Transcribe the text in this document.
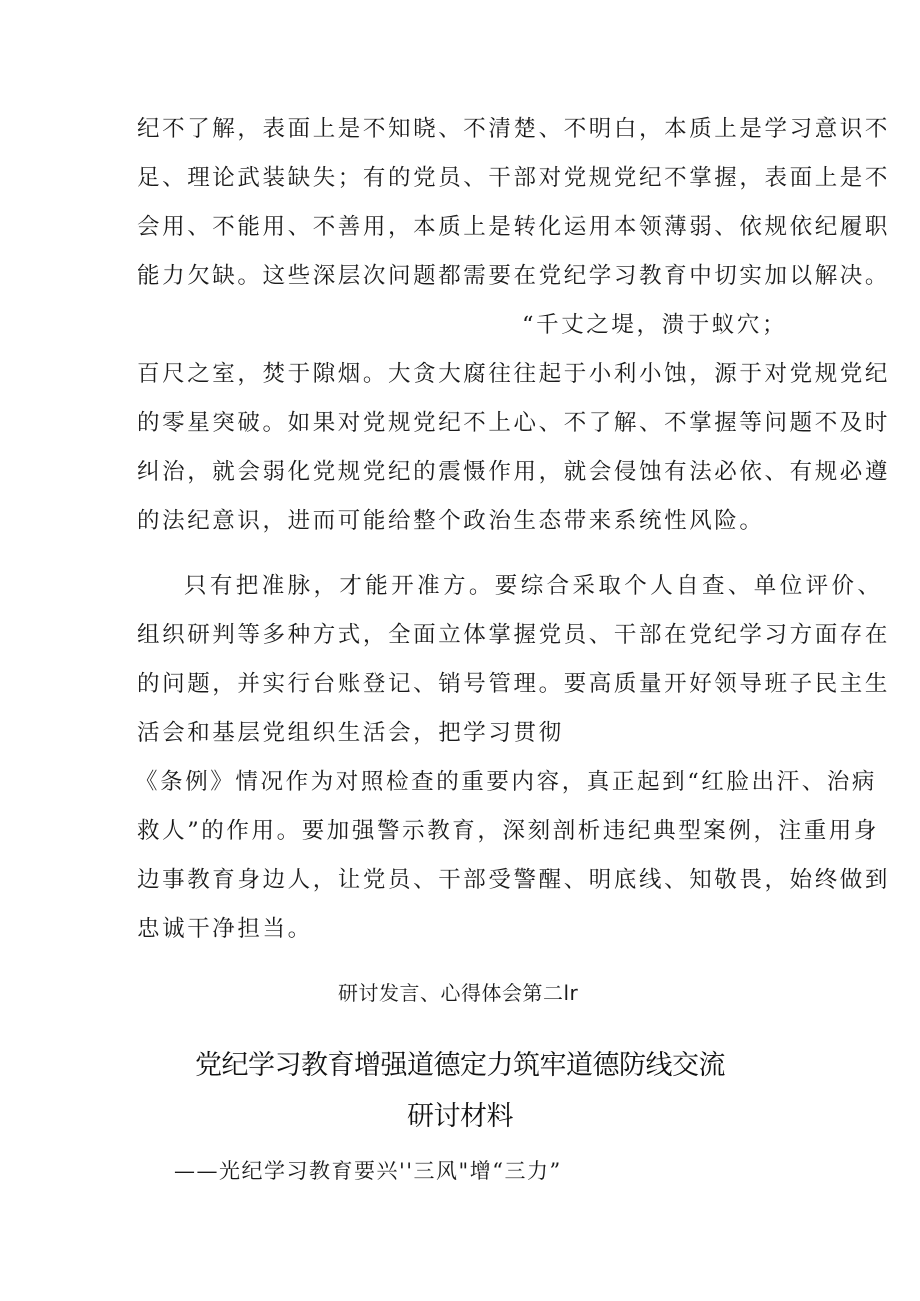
纪不了解，表面上是不知晓、不清楚、不明白，本质上是学习意识不
足、理论武装缺失；有的党员、干部对党规党纪不掌握，表面上是不
会用、不能用、不善用，本质上是转化运用本领薄弱、依规依纪履职
能力欠缺。这些深层次问题都需要在党纪学习教育中切实加以解决。
“千丈之堤，溃于蚁穴；
百尺之室，焚于隙烟。大贪大腐往往起于小利小蚀，源于对党规党纪
的零星突破。如果对党规党纪不上心、不了解、不掌握等问题不及时
纠治，就会弱化党规党纪的震慑作用，就会侵蚀有法必依、有规必遵
的法纪意识，进而可能给整个政治生态带来系统性风险。
只有把准脉，才能开准方。要综合采取个人自查、单位评价、
组织研判等多种方式，全面立体掌握党员、干部在党纪学习方面存在
的问题，并实行台账登记、销号管理。要高质量开好领导班子民主生
活会和基层党组织生活会，把学习贯彻
《条例》情况作为对照检查的重要内容，真正起到“红脸出汗、治病
救人”的作用。要加强警示教育，深刻剖析违纪典型案例，注重用身
边事教育身边人，让党员、干部受警醒、明底线、知敬畏，始终做到
忠诚干净担当。
研讨发言、心得体会第二lr
党纪学习教育增强道德定力筑牢道德防线交流
研讨材料
——光纪学习教育要兴''三风"增“三力”
